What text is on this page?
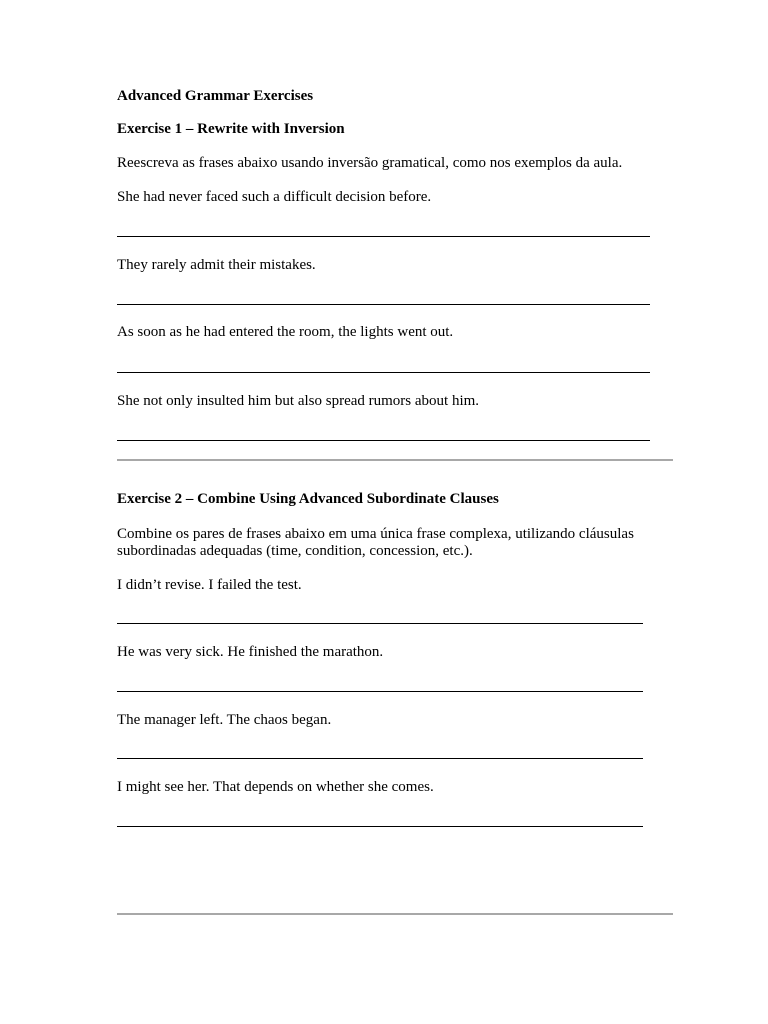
Advanced Grammar Exercises
Exercise 1 – Rewrite with Inversion
Reescreva as frases abaixo usando inversão gramatical, como nos exemplos da aula.
She had never faced such a difficult decision before.
They rarely admit their mistakes.
As soon as he had entered the room, the lights went out.
She not only insulted him but also spread rumors about him.
Exercise 2 – Combine Using Advanced Subordinate Clauses
Combine os pares de frases abaixo em uma única frase complexa, utilizando cláusulas subordinadas adequadas (time, condition, concession, etc.).
I didn’t revise. I failed the test.
He was very sick. He finished the marathon.
The manager left. The chaos began.
I might see her. That depends on whether she comes.
